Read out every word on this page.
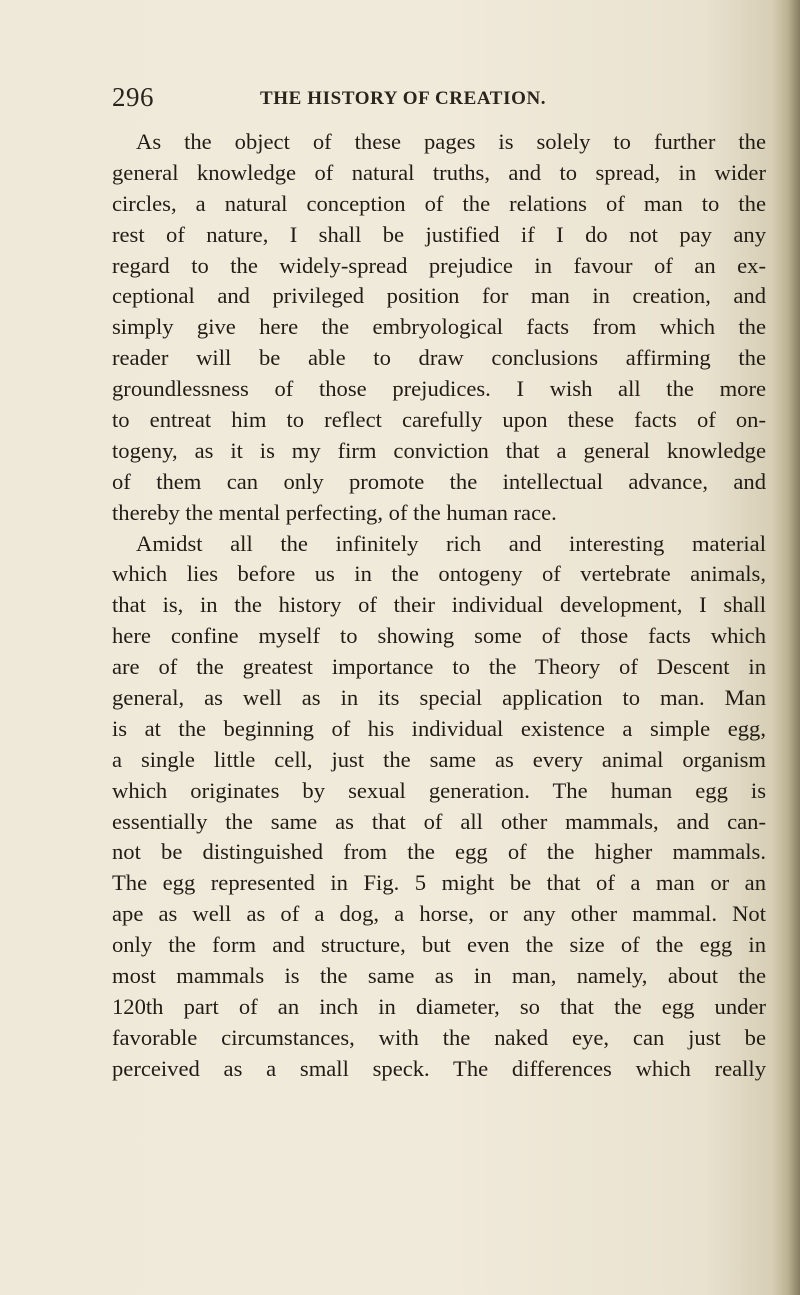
296	THE HISTORY OF CREATION.
As the object of these pages is solely to further the
general knowledge of natural truths, and to spread, in wider
circles, a natural conception of the relations of man to the
rest of nature, I shall be justified if I do not pay any
regard to the widely-spread prejudice in favour of an ex-
ceptional and privileged position for man in creation, and
simply give here the embryological facts from which the
reader will be able to draw conclusions affirming the
groundlessness of those prejudices. I wish all the more
to entreat him to reflect carefully upon these facts of on-
togeny, as it is my firm conviction that a general knowledge
of them can only promote the intellectual advance, and
thereby the mental perfecting, of the human race.
Amidst all the infinitely rich and interesting material
which lies before us in the ontogeny of vertebrate animals,
that is, in the history of their individual development, I shall
here confine myself to showing some of those facts which
are of the greatest importance to the Theory of Descent in
general, as well as in its special application to man. Man
is at the beginning of his individual existence a simple egg,
a single little cell, just the same as every animal organism
which originates by sexual generation. The human egg is
essentially the same as that of all other mammals, and can-
not be distinguished from the egg of the higher mammals.
The egg represented in Fig. 5 might be that of a man or an
ape as well as of a dog, a horse, or any other mammal. Not
only the form and structure, but even the size of the egg in
most mammals is the same as in man, namely, about the
120th part of an inch in diameter, so that the egg under
favorable circumstances, with the naked eye, can just be
perceived as a small speck. The differences which really
